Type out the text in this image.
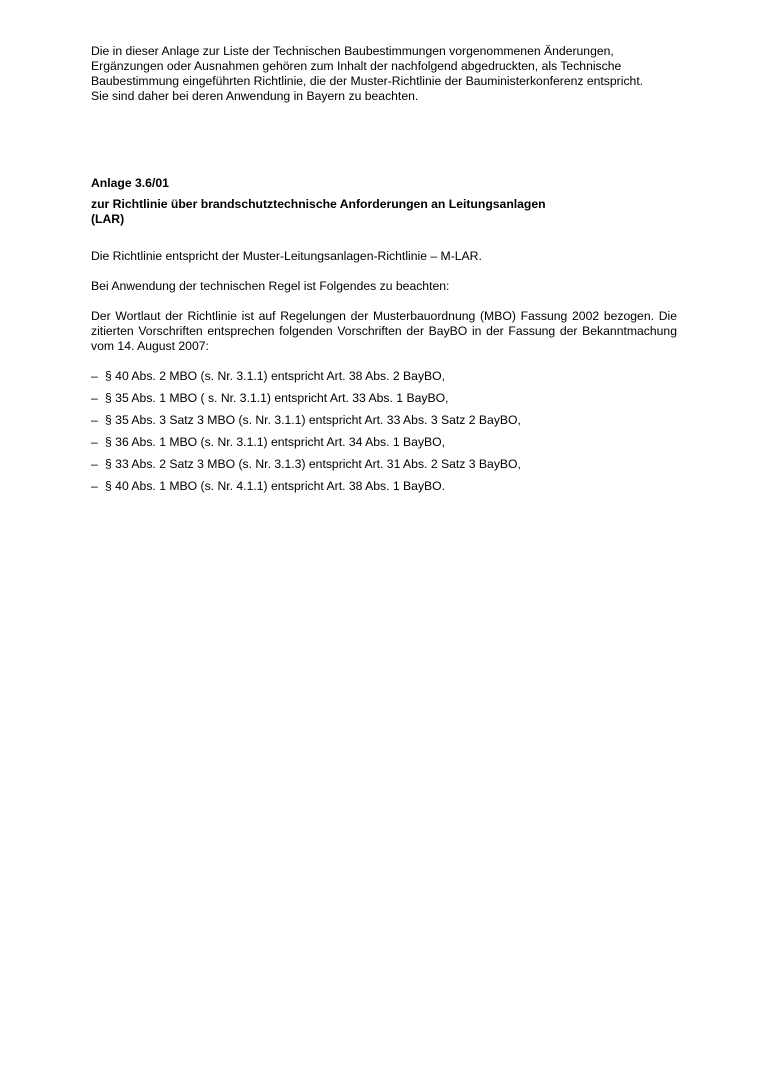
Die in dieser Anlage zur Liste der Technischen Baubestimmungen vorgenommenen Änderungen,
Ergänzungen oder Ausnahmen gehören zum Inhalt der nachfolgend abgedruckten, als Technische
Baubestimmung eingeführten Richtlinie, die der Muster-Richtlinie der Bauministerkonferenz entspricht.
Sie sind daher bei deren Anwendung in Bayern zu beachten.

Anlage 3.6/01

zur Richtlinie über brandschutztechnische Anforderungen an Leitungsanlagen
(LAR)

Die Richtlinie entspricht der Muster-Leitungsanlagen-Richtlinie – M-LAR.

Bei Anwendung der technischen Regel ist Folgendes zu beachten:

Der Wortlaut der Richtlinie ist auf Regelungen der Musterbauordnung (MBO) Fassung 2002 bezogen. Die zitierten Vorschriften entsprechen folgenden Vorschriften der BayBO in der Fassung der Bekanntmachung vom 14. August 2007:

– § 40 Abs. 2 MBO (s. Nr. 3.1.1) entspricht Art. 38 Abs. 2 BayBO,
– § 35 Abs. 1 MBO ( s. Nr. 3.1.1) entspricht Art. 33 Abs. 1 BayBO,
– § 35 Abs. 3 Satz 3 MBO (s. Nr. 3.1.1) entspricht Art. 33 Abs. 3 Satz 2 BayBO,
– § 36 Abs. 1 MBO (s. Nr. 3.1.1) entspricht Art. 34 Abs. 1 BayBO,
– § 33 Abs. 2 Satz 3 MBO (s. Nr. 3.1.3) entspricht Art. 31 Abs. 2 Satz 3 BayBO,
– § 40 Abs. 1 MBO (s. Nr. 4.1.1) entspricht Art. 38 Abs. 1 BayBO.
